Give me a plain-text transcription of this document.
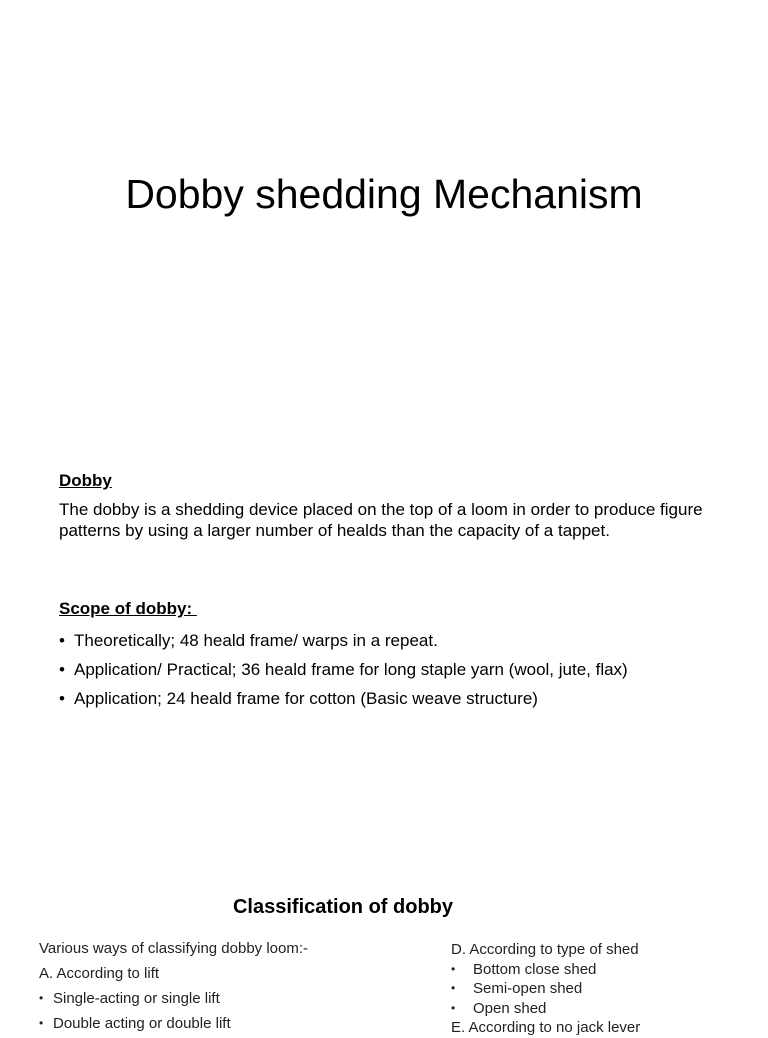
Dobby shedding Mechanism
Dobby
The dobby is a shedding device placed on the top of a loom in order to produce figure patterns by using a larger number of healds than the capacity of a tappet.
Scope of dobby:
• Theoretically; 48 heald frame/ warps in a repeat.
• Application/ Practical; 36 heald frame for long staple yarn (wool, jute, flax)
• Application; 24 heald frame for cotton (Basic weave structure)
Classification of dobby
Various ways of classifying dobby loom:-
A. According to lift
• Single-acting or single lift
• Double acting or double lift
D. According to type of shed
•	Bottom close shed
•	Semi-open shed
•	Open shed
E. According to no jack lever
